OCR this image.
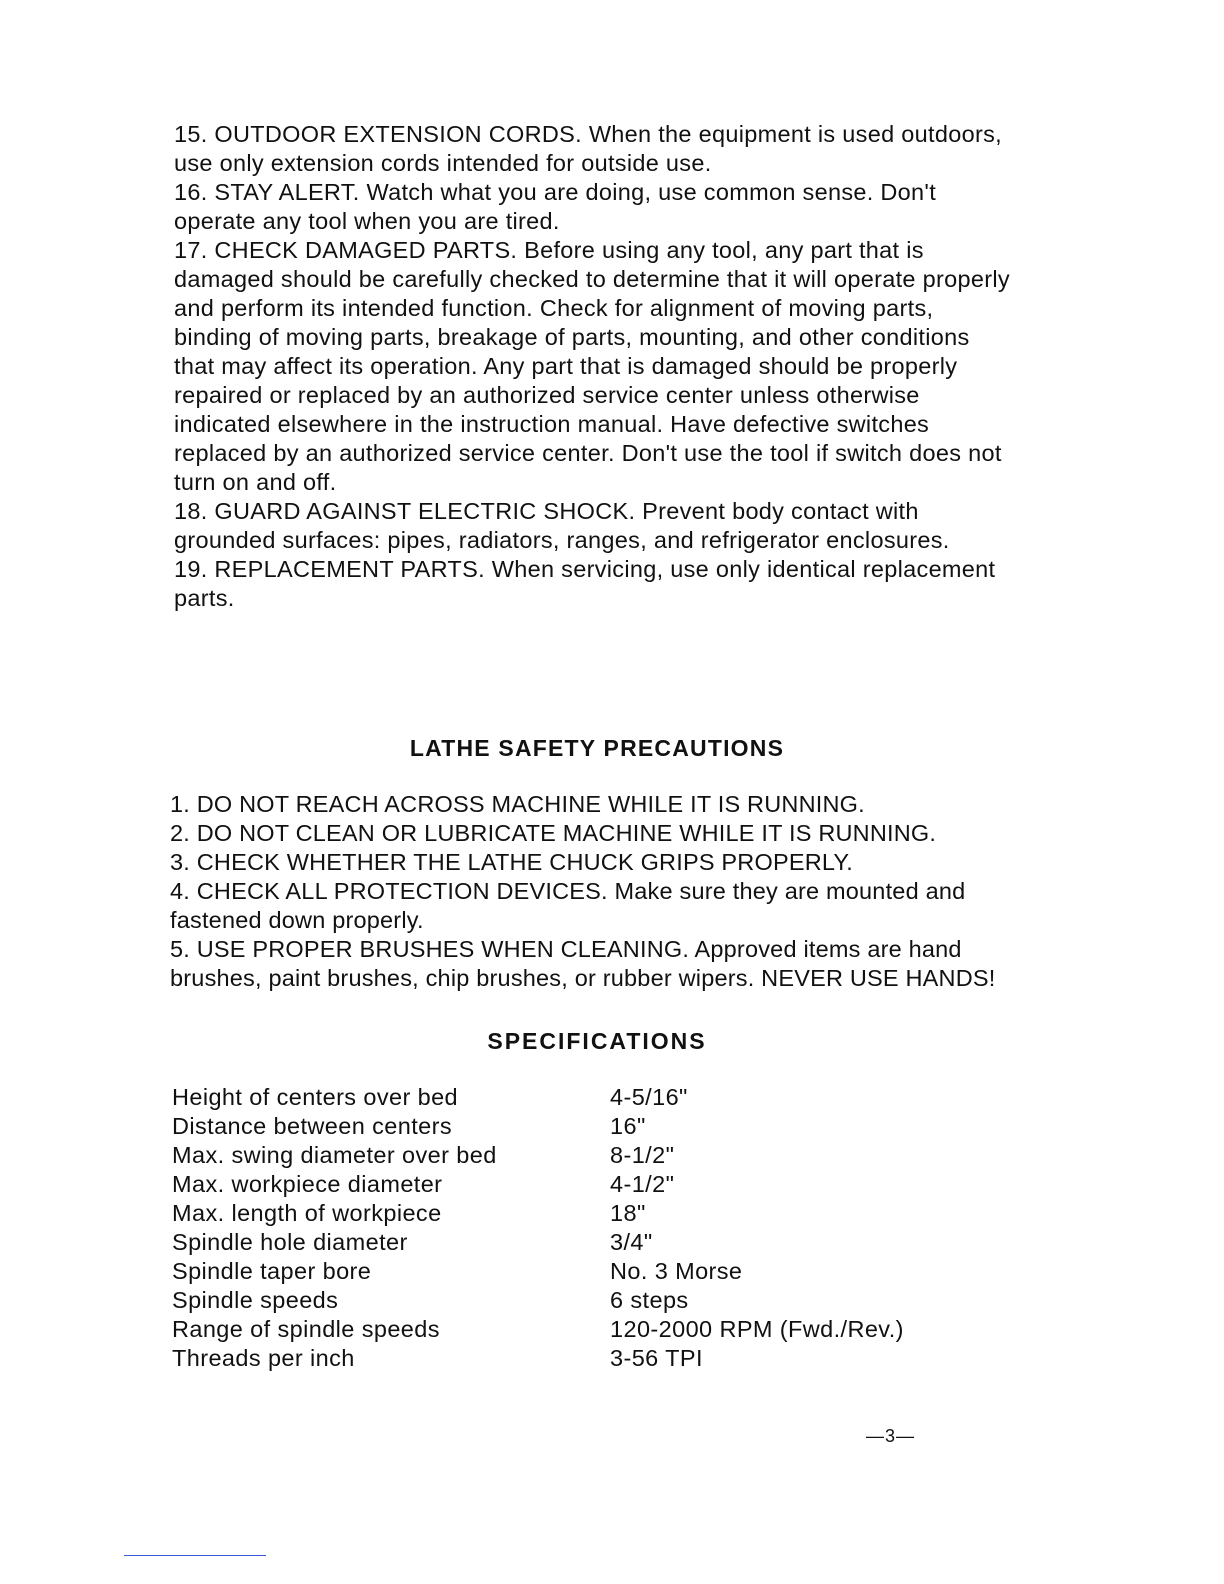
15. OUTDOOR EXTENSION CORDS. When the equipment is used outdoors, use only extension cords intended for outside use.

16. STAY ALERT. Watch what you are doing, use common sense. Don't operate any tool when you are tired.

17. CHECK DAMAGED PARTS. Before using any tool, any part that is damaged should be carefully checked to determine that it will operate properly and perform its intended function. Check for alignment of moving parts, binding of moving parts, breakage of parts, mounting, and other conditions that may affect its operation. Any part that is damaged should be properly repaired or replaced by an authorized service center unless otherwise indicated elsewhere in the instruction manual. Have defective switches replaced by an authorized service center. Don't use the tool if switch does not turn on and off.

18. GUARD AGAINST ELECTRIC SHOCK. Prevent body contact with grounded surfaces: pipes, radiators, ranges, and refrigerator enclosures.

19. REPLACEMENT PARTS. When servicing, use only identical replacement parts.

LATHE SAFETY PRECAUTIONS

1. DO NOT REACH ACROSS MACHINE WHILE IT IS RUNNING.

2. DO NOT CLEAN OR LUBRICATE MACHINE WHILE IT IS RUNNING.

3. CHECK WHETHER THE LATHE CHUCK GRIPS PROPERLY.

4. CHECK ALL PROTECTION DEVICES. Make sure they are mounted and fastened down properly.

5. USE PROPER BRUSHES WHEN CLEANING. Approved items are hand brushes, paint brushes, chip brushes, or rubber wipers. NEVER USE HANDS!

SPECIFICATIONS
Height of centers over bed	4-5/16"
Distance between centers	16"
Max. swing diameter over bed	8-1/2"
Max. workpiece diameter	4-1/2"
Max. length of workpiece	18"
Spindle hole diameter	3/4"
Spindle taper bore	No. 3 Morse
Spindle speeds	6 steps
Range of spindle speeds	120-2000 RPM (Fwd./Rev.)
Threads per inch	3-56 TPI
—3—
